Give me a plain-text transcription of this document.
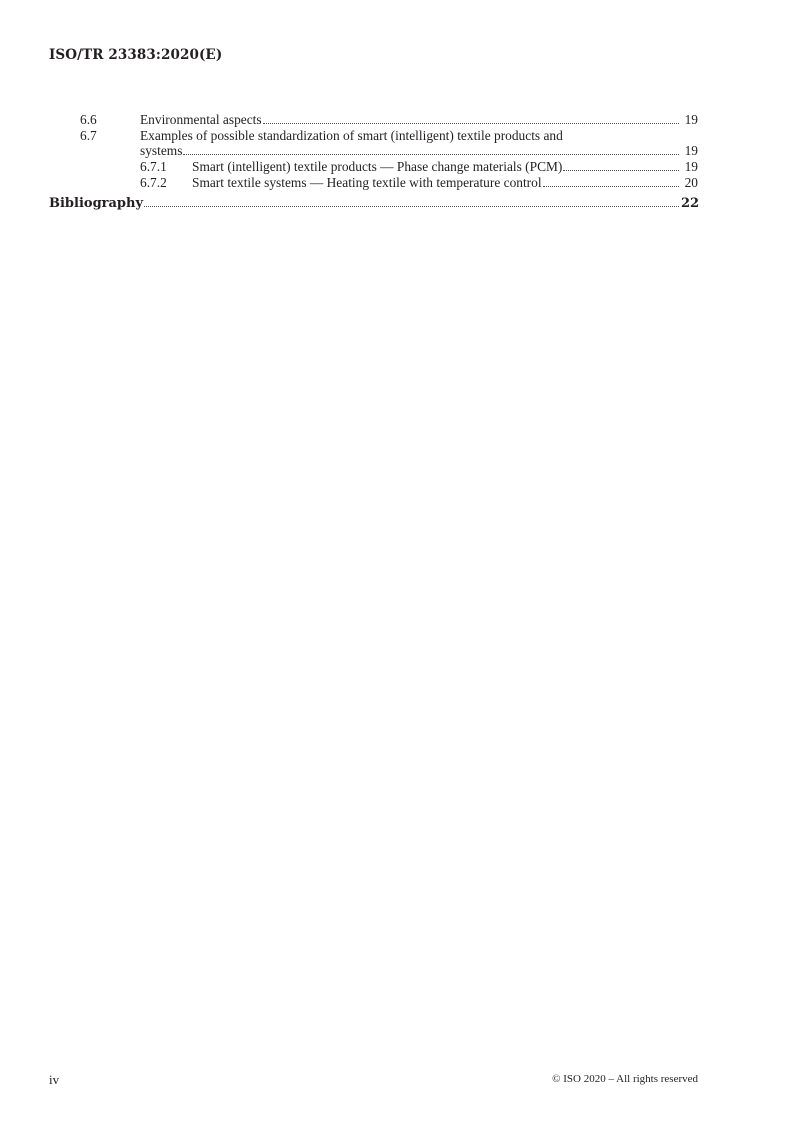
ISO/TR 23383:2020(E)
6.6	Environmental aspects	19
6.7	Examples of possible standardization of smart (intelligent) textile products and
systems	19
6.7.1	Smart (intelligent) textile products — Phase change materials (PCM)	19
6.7.2	Smart textile systems — Heating textile with temperature control	20
Bibliography	22
iv	© ISO 2020 – All rights reserved
